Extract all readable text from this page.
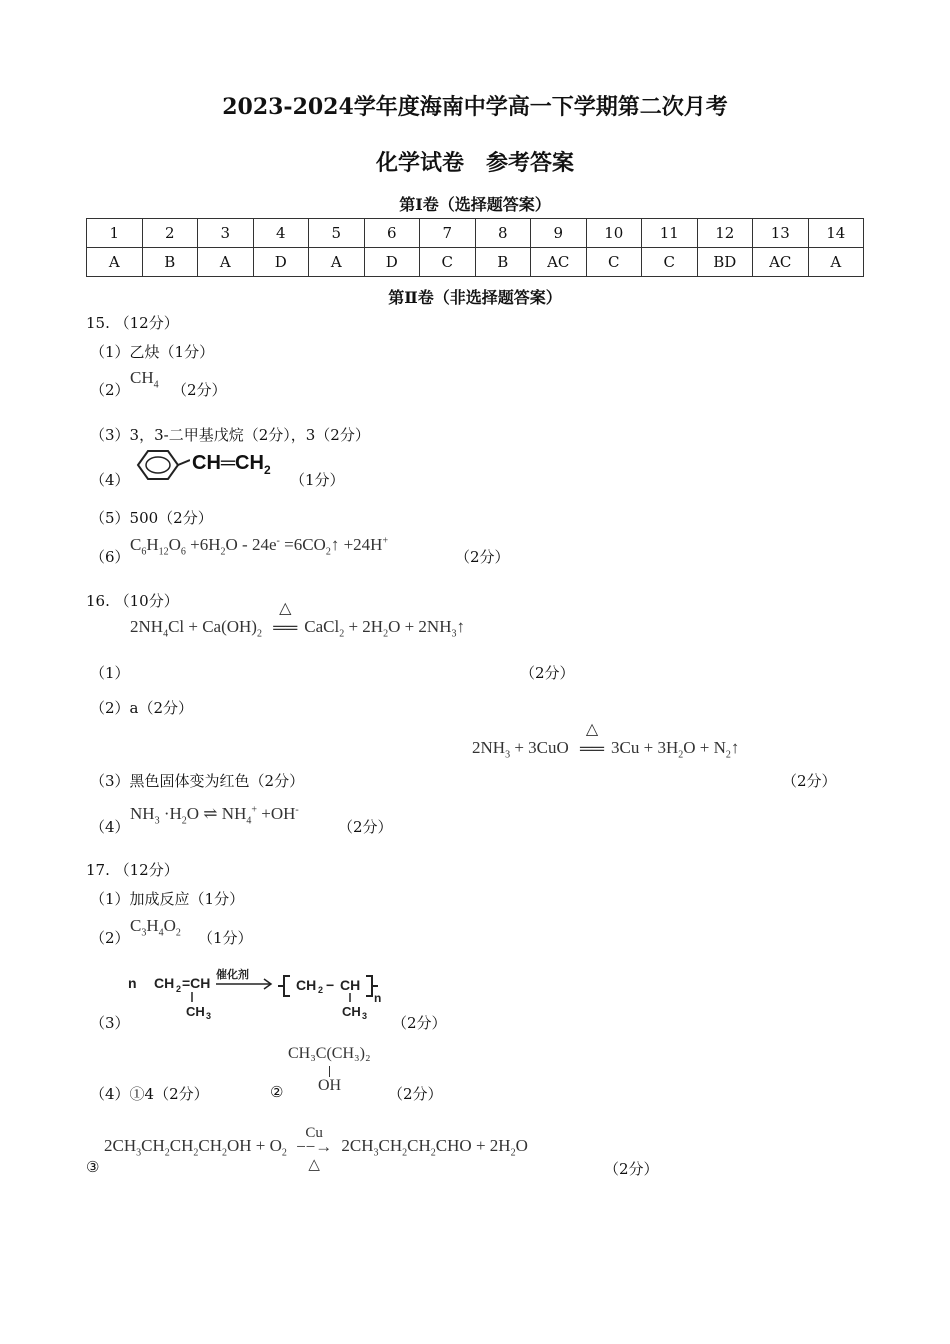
2023-2024学年度海南中学高一下学期第二次月考
化学试卷　参考答案
第Ⅰ卷（选择题答案）
1	2	3	4	5	6	7	8	9	10	11	12	13	14
A	B	A	D	A	D	C	B	AC	C	C	BD	AC	A
第Ⅱ卷（非选择题答案）
15. （12分）
（1）乙炔（1分）
（2）
$CH_4$ （2分）
（3）3，3-二甲基戊烷（2分），3（2分）
（4）
$CH═CH_2$
（1分）
（5）500（2分）
（6）
$C_6H_{12}O_6 +6H_2O - 24e^-$ $=6CO_2↑ +24H^+$
（2分）
16. （10分）
$2NH_4Cl + Ca(OH)_2$
△
══ CaCl$_2$ + $2H_2O$ + $2NH_3↑$
（1）	（2分）
（2）a（2分）
$2NH_3 + 3CuO$
△
══ $3Cu + 3H_2O$ + $N_2↑$
（3）黑色固体变为红色（2分）	（2分）
（4）
$NH_3 \cdot H_2O$ ⇌ $NH_4^+ +OH^-$
（2分）
17. （12分）
（1）加成反应（1分）
（2）
$C_3H_4O_2$ （1分）
（3）
n CH 2 =CH
CH 3
催化剂
CH 2 − CH
CH 3
n
（2分）
（4）①4（2分）	②
CH₃C(CH₃)₂
OH	（2分）
$2CH_3CH_2CH_2CH_2OH + O_2$
Cu
−−→
△
$2CH_3CH_2CH_2CHO + 2H_2O$
③	（2分）
